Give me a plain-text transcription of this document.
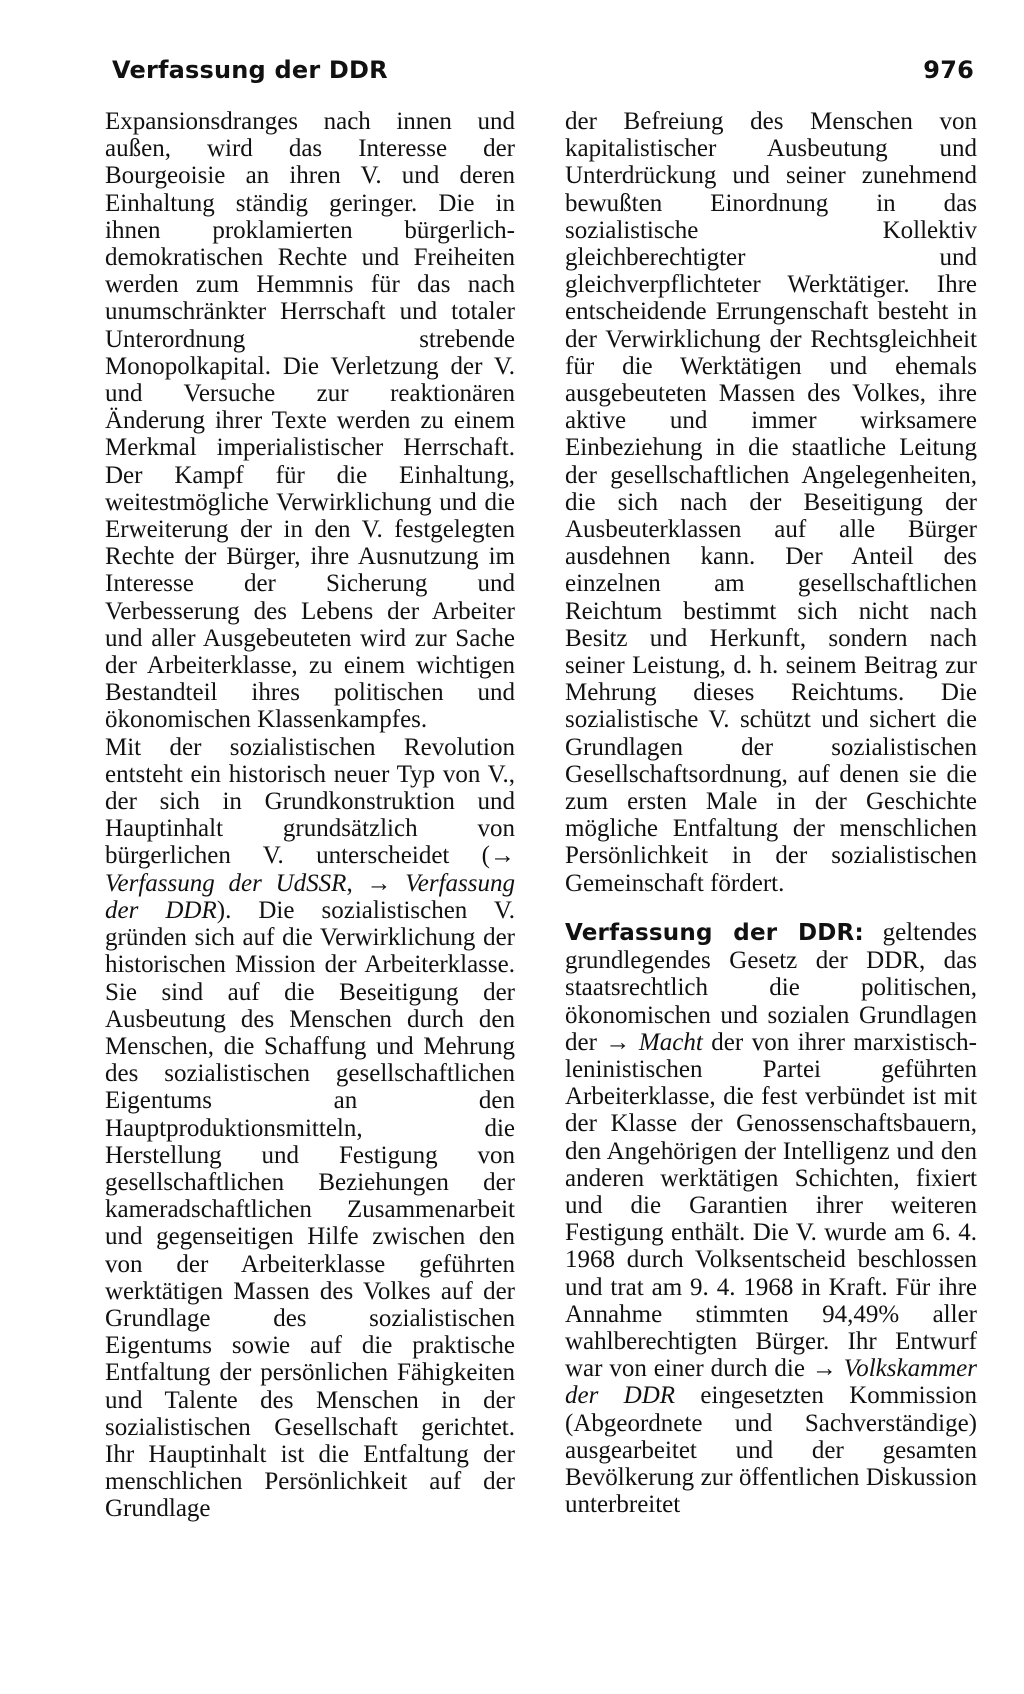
Verfassung der DDR	976

Expansionsdranges nach innen und außen, wird das Interesse der Bourgeoisie an ihren V. und deren Einhaltung ständig geringer. Die in ihnen proklamierten bürgerlich-demokratischen Rechte und Freiheiten werden zum Hemmnis für das nach unumschränkter Herrschaft und totaler Unterordnung strebende Monopolkapital. Die Verletzung der V. und Versuche zur reaktionären Änderung ihrer Texte werden zu einem Merkmal imperialistischer Herrschaft. Der Kampf für die Einhaltung, weitestmögliche Verwirklichung und die Erweiterung der in den V. festgelegten Rechte der Bürger, ihre Ausnutzung im Interesse der Sicherung und Verbesserung des Lebens der Arbeiter und aller Ausgebeuteten wird zur Sache der Arbeiterklasse, zu einem wichtigen Bestandteil ihres politischen und ökonomischen Klassenkampfes.

Mit der sozialistischen Revolution entsteht ein historisch neuer Typ von V., der sich in Grundkonstruktion und Hauptinhalt grundsätzlich von bürgerlichen V. unterscheidet (→ Verfassung der UdSSR, → Verfassung der DDR). Die sozialistischen V. gründen sich auf die Verwirklichung der historischen Mission der Arbeiterklasse. Sie sind auf die Beseitigung der Ausbeutung des Menschen durch den Menschen, die Schaffung und Mehrung des sozialistischen gesellschaftlichen Eigentums an den Hauptproduktionsmitteln, die Herstellung und Festigung von gesellschaftlichen Beziehungen der kameradschaftlichen Zusammenarbeit und gegenseitigen Hilfe zwischen den von der Arbeiterklasse geführten werktätigen Massen des Volkes auf der Grundlage des sozialistischen Eigentums sowie auf die praktische Entfaltung der persönlichen Fähigkeiten und Talente des Menschen in der sozialistischen Gesellschaft gerichtet. Ihr Hauptinhalt ist die Entfaltung der menschlichen Persönlichkeit auf der Grundlage

der Befreiung des Menschen von kapitalistischer Ausbeutung und Unterdrückung und seiner zunehmend bewußten Einordnung in das sozialistische Kollektiv gleichberechtigter und gleichverpflichteter Werktätiger. Ihre entscheidende Errungenschaft besteht in der Verwirklichung der Rechtsgleichheit für die Werktätigen und ehemals ausgebeuteten Massen des Volkes, ihre aktive und immer wirksamere Einbeziehung in die staatliche Leitung der gesellschaftlichen Angelegenheiten, die sich nach der Beseitigung der Ausbeuterklassen auf alle Bürger ausdehnen kann. Der Anteil des einzelnen am gesellschaftlichen Reichtum bestimmt sich nicht nach Besitz und Herkunft, sondern nach seiner Leistung, d. h. seinem Beitrag zur Mehrung dieses Reichtums. Die sozialistische V. schützt und sichert die Grundlagen der sozialistischen Gesellschaftsordnung, auf denen sie die zum ersten Male in der Geschichte mögliche Entfaltung der menschlichen Persönlichkeit in der sozialistischen Gemeinschaft fördert.

Verfassung der DDR: geltendes grundlegendes Gesetz der DDR, das staatsrechtlich die politischen, ökonomischen und sozialen Grundlagen der → Macht der von ihrer marxistisch-leninistischen Partei geführten Arbeiterklasse, die fest verbündet ist mit der Klasse der Genossenschaftsbauern, den Angehörigen der Intelligenz und den anderen werktätigen Schichten, fixiert und die Garantien ihrer weiteren Festigung enthält. Die V. wurde am 6. 4. 1968 durch Volksentscheid beschlossen und trat am 9. 4. 1968 in Kraft. Für ihre Annahme stimmten 94,49% aller wahlberechtigten Bürger. Ihr Entwurf war von einer durch die → Volkskammer der DDR eingesetzten Kommission (Abgeordnete und Sachverständige) ausgearbeitet und der gesamten Bevölkerung zur öffentlichen Diskussion unterbreitet
